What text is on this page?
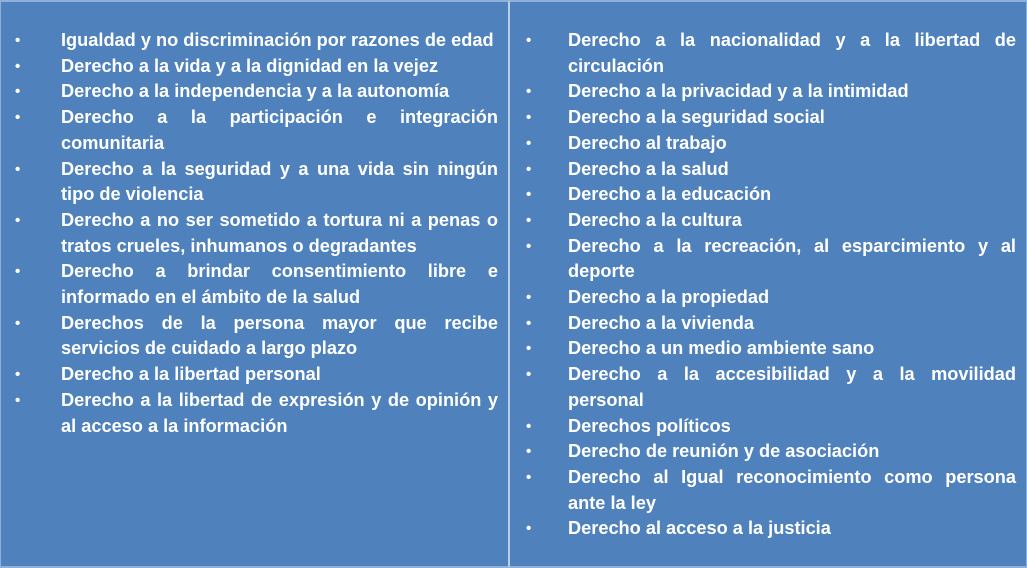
• Igualdad y no discriminación por razones de edad
• Derecho a la vida y a la dignidad en la vejez
• Derecho a la independencia y a la autonomía
• Derecho a la participación e integración comunitaria
• Derecho a la seguridad y a una vida sin ningún tipo de violencia
• Derecho a no ser sometido a tortura ni a penas o tratos crueles, inhumanos o degradantes
• Derecho a brindar consentimiento libre e informado en el ámbito de la salud
• Derechos de la persona mayor que recibe servicios de cuidado a largo plazo
• Derecho a la libertad personal
• Derecho a la libertad de expresión y de opinión y al acceso a la información
• Derecho a la nacionalidad y a la libertad de circulación
• Derecho a la privacidad y a la intimidad
• Derecho a la seguridad social
• Derecho al trabajo
• Derecho a la salud
• Derecho a la educación
• Derecho a la cultura
• Derecho a la recreación, al esparcimiento y al deporte
• Derecho a la propiedad
• Derecho a la vivienda
• Derecho a un medio ambiente sano
• Derecho a la accesibilidad y a la movilidad personal
• Derechos políticos
• Derecho de reunión y de asociación
• Derecho al Igual reconocimiento como persona ante la ley
• Derecho al acceso a la justicia
